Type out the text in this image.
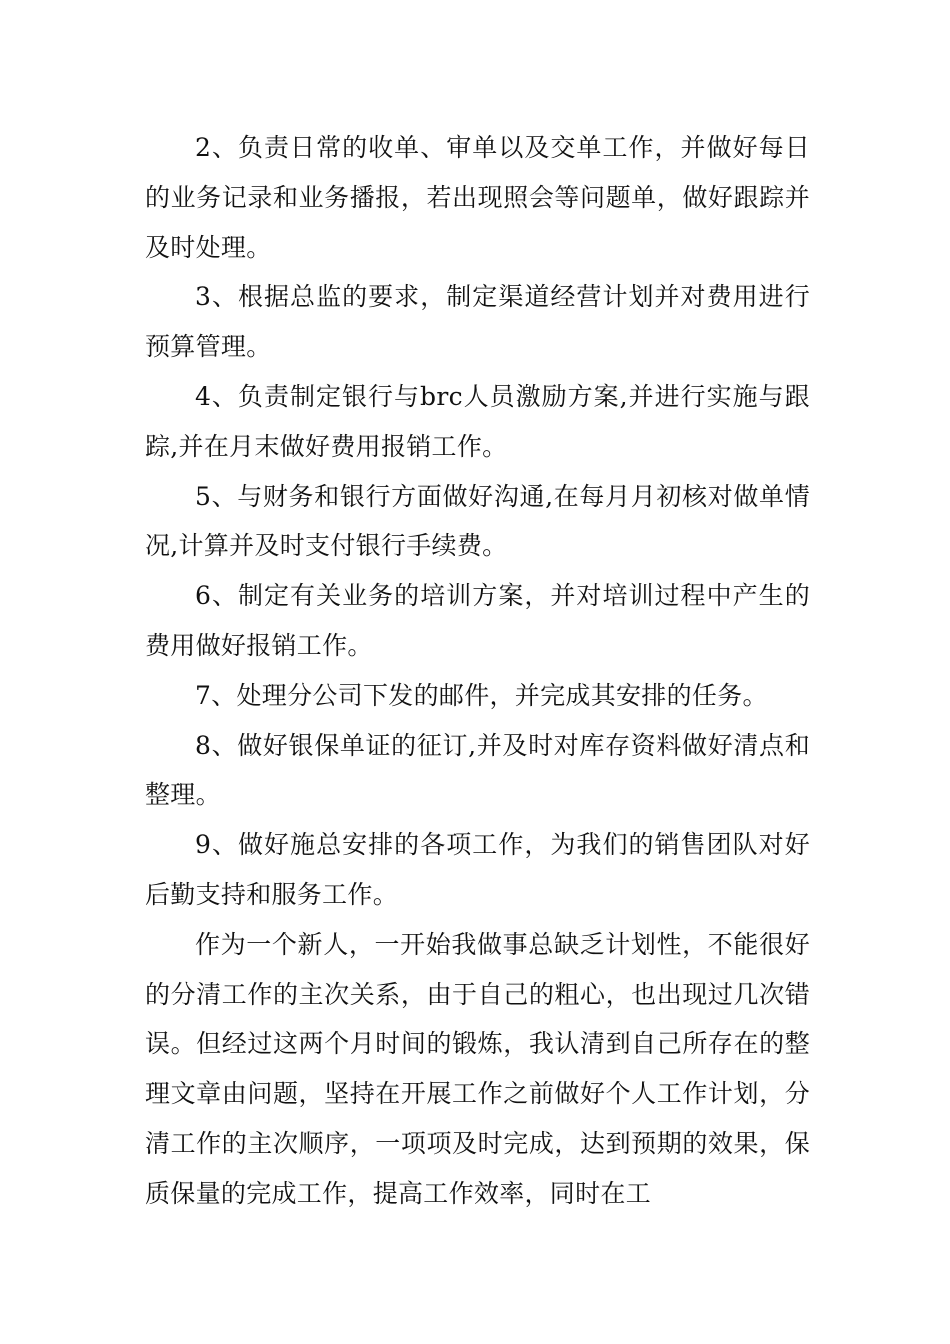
2、负责日常的收单、审单以及交单工作，并做好每日的业务记录和业务播报，若出现照会等问题单，做好跟踪并及时处理。

3、根据总监的要求，制定渠道经营计划并对费用进行预算管理。

4、负责制定银行与brc人员激励方案,并进行实施与跟踪,并在月末做好费用报销工作。

5、与财务和银行方面做好沟通,在每月月初核对做单情况,计算并及时支付银行手续费。

6、制定有关业务的培训方案，并对培训过程中产生的费用做好报销工作。

7、处理分公司下发的邮件，并完成其安排的任务。

8、做好银保单证的征订,并及时对库存资料做好清点和整理。

9、做好施总安排的各项工作，为我们的销售团队对好后勤支持和服务工作。

作为一个新人，一开始我做事总缺乏计划性，不能很好的分清工作的主次关系，由于自己的粗心，也出现过几次错误。但经过这两个月时间的锻炼，我认清到自己所存在的整理文章由问题，坚持在开展工作之前做好个人工作计划，分清工作的主次顺序，一项项及时完成，达到预期的效果，保质保量的完成工作，提高工作效率，同时在工
